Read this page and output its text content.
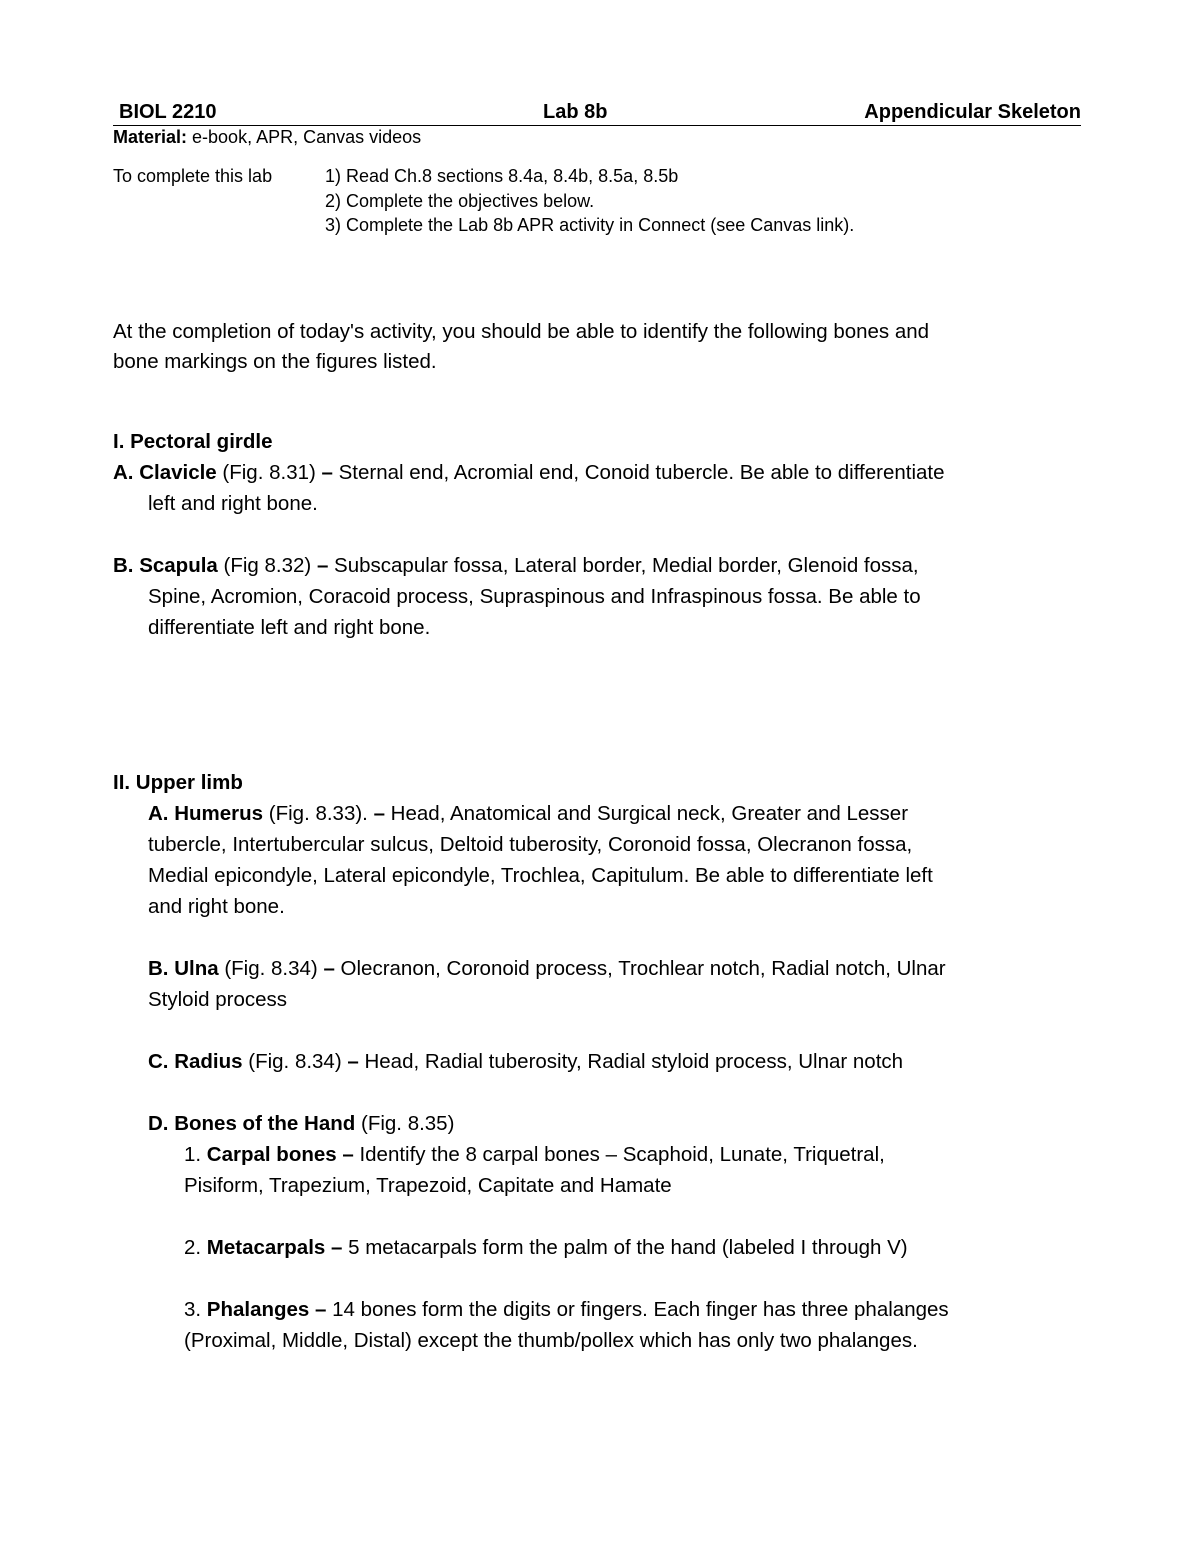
BIOL 2210	Lab 8b	Appendicular Skeleton
Material: e-book, APR, Canvas videos
To complete this lab	1) Read Ch.8 sections 8.4a, 8.4b, 8.5a, 8.5b
2) Complete the objectives below.
3) Complete the Lab 8b APR activity in Connect (see Canvas link).
At the completion of today's activity, you should be able to identify the following bones and
bone markings on the figures listed.
I. Pectoral girdle
A. Clavicle (Fig. 8.31) – Sternal end, Acromial end, Conoid tubercle. Be able to differentiate
left and right bone.
B. Scapula (Fig 8.32) – Subscapular fossa, Lateral border, Medial border, Glenoid fossa,
Spine, Acromion, Coracoid process, Supraspinous and Infraspinous fossa. Be able to
differentiate left and right bone.
II. Upper limb
A. Humerus (Fig. 8.33). – Head, Anatomical and Surgical neck, Greater and Lesser
tubercle, Intertubercular sulcus, Deltoid tuberosity, Coronoid fossa, Olecranon fossa,
Medial epicondyle, Lateral epicondyle, Trochlea, Capitulum. Be able to differentiate left
and right bone.
B. Ulna (Fig. 8.34) – Olecranon, Coronoid process, Trochlear notch, Radial notch, Ulnar
Styloid process
C. Radius (Fig. 8.34) – Head, Radial tuberosity, Radial styloid process, Ulnar notch
D. Bones of the Hand (Fig. 8.35)
1. Carpal bones – Identify the 8 carpal bones – Scaphoid, Lunate, Triquetral,
Pisiform, Trapezium, Trapezoid, Capitate and Hamate
2. Metacarpals – 5 metacarpals form the palm of the hand (labeled I through V)
3. Phalanges – 14 bones form the digits or fingers. Each finger has three phalanges
(Proximal, Middle, Distal) except the thumb/pollex which has only two phalanges.
